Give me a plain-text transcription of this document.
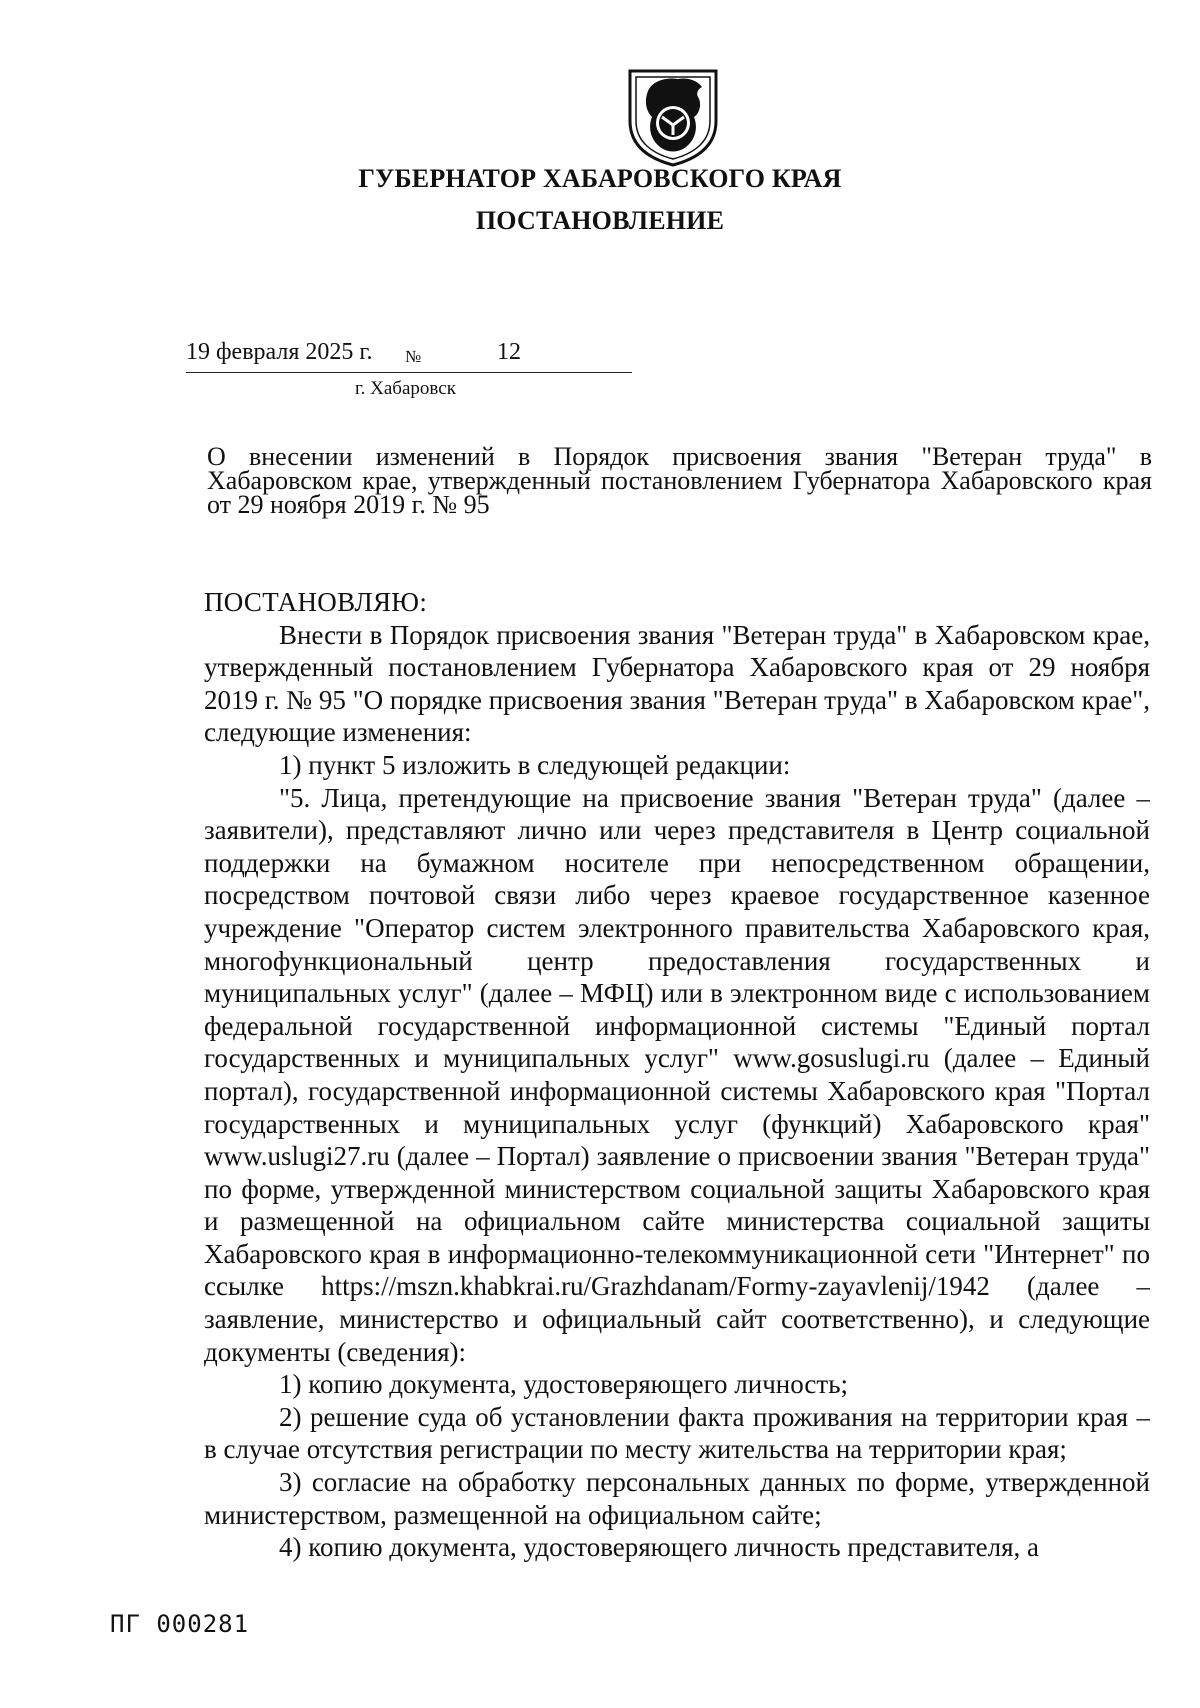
ГУБЕРНАТОР ХАБАРОВСКОГО КРАЯ
ПОСТАНОВЛЕНИЕ
19 февраля 2025 г. №	12
г. Хабаровск
О внесении изменений в Порядок присвоения звания "Ветеран труда" в Хабаровском крае, утвержденный постановлением Губернатора Хабаровского края от 29 ноября 2019 г. № 95

ПОСТАНОВЛЯЮ:

Внести в Порядок присвоения звания "Ветеран труда" в Хабаровском крае, утвержденный постановлением Губернатора Хабаровского края от 29 ноября 2019 г. № 95 "О порядке присвоения звания "Ветеран труда" в Хабаровском крае", следующие изменения:

1) пункт 5 изложить в следующей редакции:

"5. Лица, претендующие на присвоение звания "Ветеран труда" (далее – заявители), представляют лично или через представителя в Центр социальной поддержки на бумажном носителе при непосредственном обращении, посредством почтовой связи либо через краевое государственное казенное учреждение "Оператор систем электронного правительства Хабаровского края, многофункциональный центр предоставления государственных и муниципальных услуг" (далее – МФЦ) или в электронном виде с использованием федеральной государственной информационной системы "Единый портал государственных и муниципальных услуг" www.gosuslugi.ru (далее – Единый портал), государственной информационной системы Хабаровского края "Портал государственных и муниципальных услуг (функций) Хабаровского края" www.uslugi27.ru (далее – Портал) заявление о присвоении звания "Ветеран труда" по форме, утвержденной министерством социальной защиты Хабаровского края и размещенной на официальном сайте министерства социальной защиты Хабаровского края в информационно-телекоммуникационной сети "Интернет" по ссылке https://mszn.khabkrai.ru/Grazhdanam/Formy-zayavlenij/1942 (далее – заявление, министерство и официальный сайт соответственно), и следующие документы (сведения):

1) копию документа, удостоверяющего личность;

2) решение суда об установлении факта проживания на территории края – в случае отсутствия регистрации по месту жительства на территории края;

3) согласие на обработку персональных данных по форме, утвержденной министерством, размещенной на официальном сайте;

4) копию документа, удостоверяющего личность представителя, а

ПГ 000281
